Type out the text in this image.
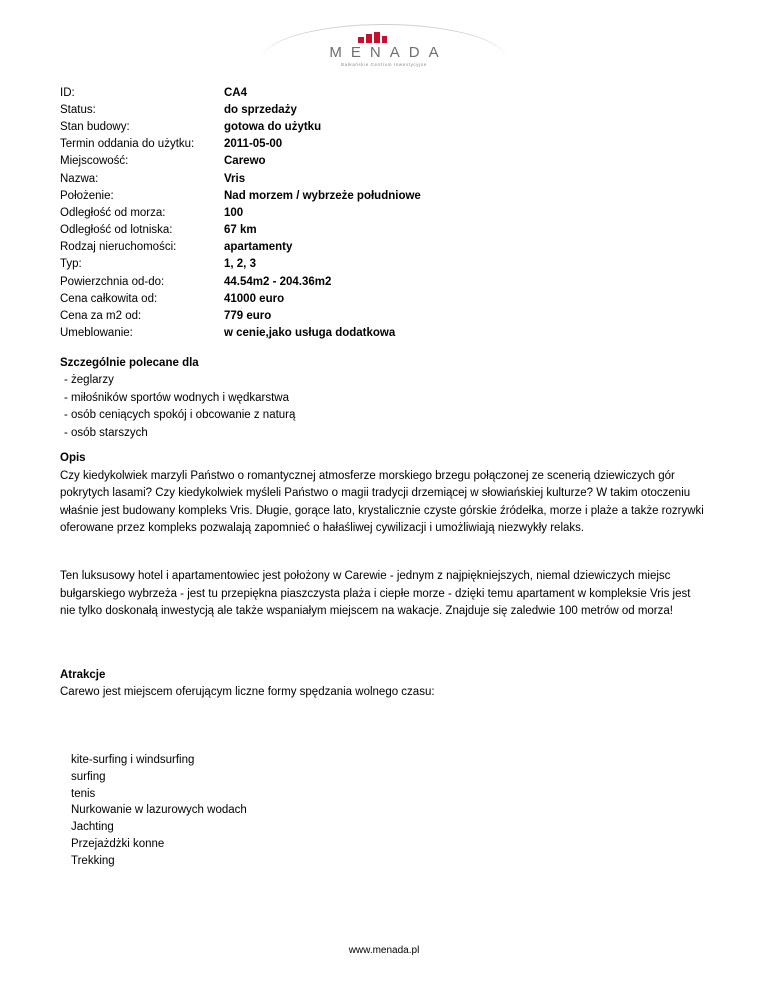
MENADA
Bałkańskie Centrum Inwestycyjne
ID:	CA4
Status:	do sprzedaży
Stan budowy:	gotowa do użytku
Termin oddania do użytku:	2011-05-00
Miejscowość:	Carewo
Nazwa:	Vris
Położenie:	Nad morzem / wybrzeże południowe
Odległość od morza:	100
Odległość od lotniska:	67 km
Rodzaj nieruchomości:	apartamenty
Typ:	1, 2, 3
Powierzchnia od-do:	44.54m2 - 204.36m2
Cena całkowita od:	41000 euro
Cena za m2 od:	779 euro
Umeblowanie:	w cenie,jako usługa dodatkowa
Szczególnie polecane dla
- żeglarzy
- miłośników sportów wodnych i wędkarstwa
- osób ceniących spokój i obcowanie z naturą
- osób starszych
Opis
Czy kiedykolwiek marzyli Państwo o romantycznej atmosferze morskiego brzegu połączonej ze scenerią dziewiczych gór
pokrytych lasami? Czy kiedykolwiek myśleli Państwo o magii tradycji drzemiącej w słowiańskiej kulturze? W takim otoczeniu
właśnie jest budowany kompleks Vris. Długie, gorące lato, krystalicznie czyste górskie źródełka, morze i plaże a także rozrywki
oferowane przez kompleks pozwalają zapomnieć o hałaśliwej cywilizacji i umożliwiają niezwykły relaks.
Ten luksusowy hotel i apartamentowiec jest położony w Carewie - jednym z najpiękniejszych, niemal dziewiczych miejsc
bułgarskiego wybrzeża - jest tu przepiękna piaszczysta plaża i ciepłe morze - dzięki temu apartament w kompleksie Vris jest
nie tylko doskonałą inwestycją ale także wspaniałym miejscem na wakacje. Znajduje się zaledwie 100 metrów od morza!
Atrakcje
Carewo jest miejscem oferującym liczne formy spędzania wolnego czasu:
kite-surfing i windsurfing
surfing
tenis
Nurkowanie w lazurowych wodach
Jachting
Przejażdżki konne
Trekking
www.menada.pl
